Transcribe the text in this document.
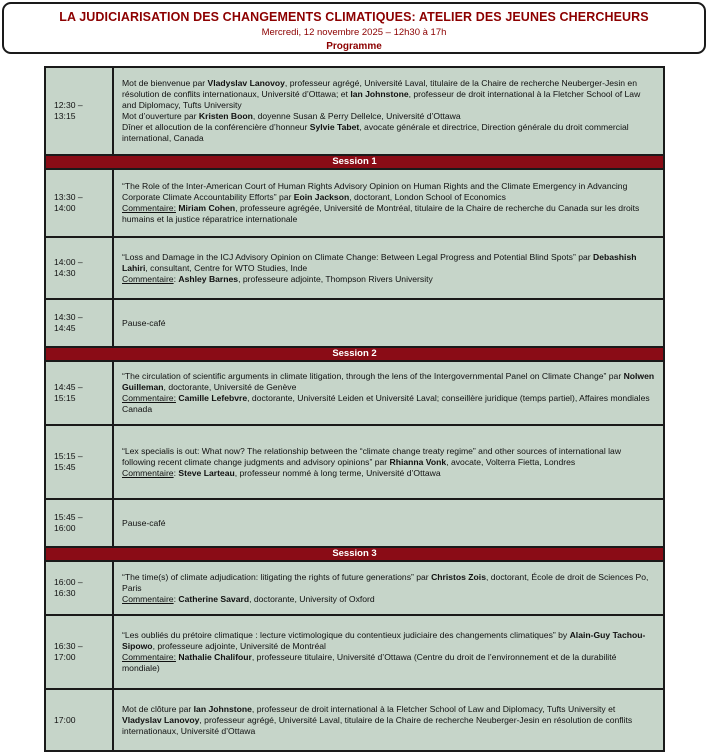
LA JUDICIARISATION DES CHANGEMENTS CLIMATIQUES: ATELIER DES JEUNES CHERCHEURS
Mercredi, 12 novembre 2025 – 12h30 à 17h
Programme
12:30 – 13:15	Mot de bienvenue par Vladyslav Lanovoy, professeur agrégé, Université Laval, titulaire de la Chaire de recherche Neuberger-Jesin en résolution de conflits internationaux, Université d’Ottawa; et Ian Johnstone, professeur de droit international à la Fletcher School of Law and Diplomacy, Tufts University
Mot d’ouverture par Kristen Boon, doyenne Susan & Perry Dellelce, Université d’Ottawa
Dîner et allocution de la conférencière d’honneur Sylvie Tabet, avocate générale et directrice, Direction générale du droit commercial international, Canada

Session 1	
13:30 – 14:00	“The Role of the Inter-American Court of Human Rights Advisory Opinion on Human Rights and the Climate Emergency in Advancing Corporate Climate Accountability Efforts” par Eoin Jackson, doctorant, London School of Economics
Commentaire: Miriam Cohen, professeure agrégée, Université de Montréal, titulaire de la Chaire de recherche du Canada sur les droits humains et la justice réparatrice internationale

14:00 – 14:30	“Loss and Damage in the ICJ Advisory Opinion on Climate Change: Between Legal Progress and Potential Blind Spots” par Debashish Lahiri, consultant, Centre for WTO Studies, Inde
Commentaire: Ashley Barnes, professeure adjointe, Thompson Rivers University

14:30 – 14:45	Pause-café

Session 2	
14:45 – 15:15	“The circulation of scientific arguments in climate litigation, through the lens of the Intergovernmental Panel on Climate Change” par Nolwen Guilleman, doctorante, Université de Genève
Commentaire: Camille Lefebvre, doctorante, Université Leiden et Université Laval; conseillère juridique (temps partiel), Affaires mondiales Canada

15:15 – 15:45	“Lex specialis is out: What now? The relationship between the “climate change treaty regime” and other sources of international law following recent climate change judgments and advisory opinions” par Rhianna Vonk, avocate, Volterra Fietta, Londres
Commentaire: Steve Larteau, professeur nommé à long terme, Université d’Ottawa

15:45 – 16:00	Pause-café

Session 3	
16:00 – 16:30	“The time(s) of climate adjudication: litigating the rights of future generations” par Christos Zois, doctorant, École de droit de Sciences Po, Paris
Commentaire: Catherine Savard, doctorante, University of Oxford

16:30 – 17:00	“Les oubliés du prétoire climatique : lecture victimologique du contentieux judiciaire des changements climatiques” by Alain-Guy Tachou-Sipowo, professeure adjointe, Université de Montréal
Commentaire: Nathalie Chalifour, professeure titulaire, Université d’Ottawa (Centre du droit de l’environnement et de la durabilité mondiale)

17:00	Mot de clôture par Ian Johnstone, professeur de droit international à la Fletcher School of Law and Diplomacy, Tufts University et Vladyslav Lanovoy, professeur agrégé, Université Laval, titulaire de la Chaire de recherche Neuberger-Jesin en résolution de conflits internationaux, Université d’Ottawa
